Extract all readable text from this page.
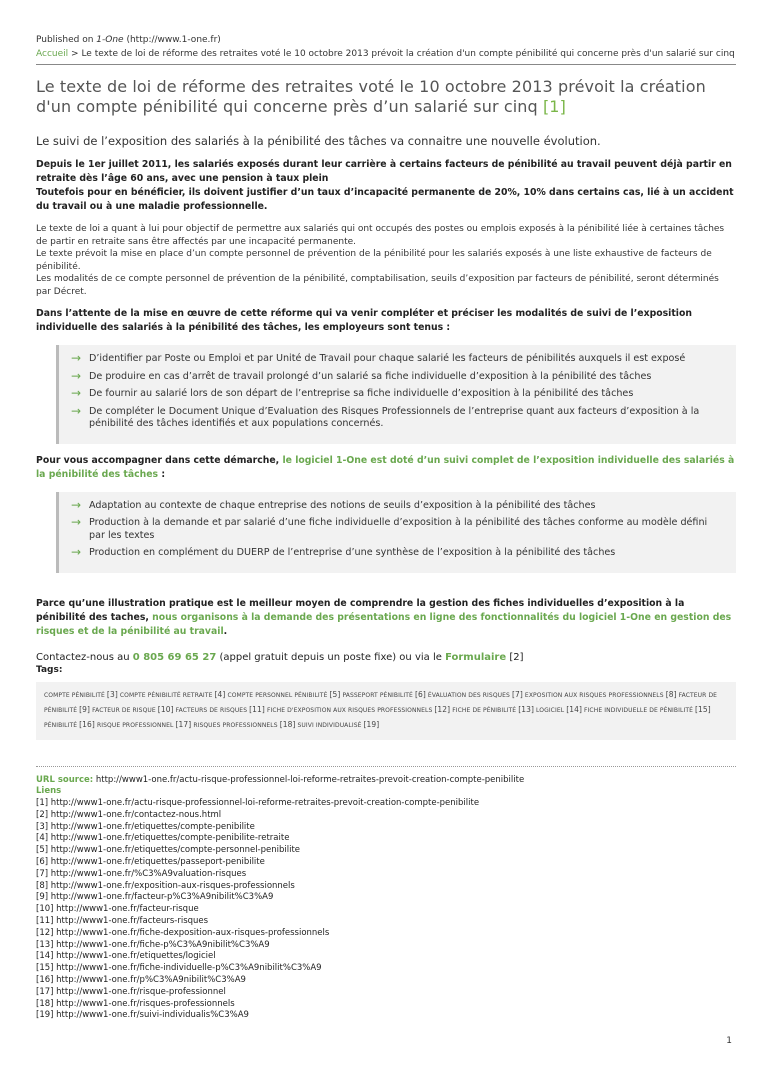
Published on 1-One (http://www.1-one.fr)
Accueil > Le texte de loi de réforme des retraites voté le 10 octobre 2013 prévoit la création d'un compte pénibilité qui concerne près d'un salarié sur cinq
Le texte de loi de réforme des retraites voté le 10 octobre 2013 prévoit la création d'un compte pénibilité qui concerne près d’un salarié sur cinq [1]

Le suivi de l’exposition des salariés à la pénibilité des tâches va connaitre une nouvelle évolution.

Depuis le 1er juillet 2011, les salariés exposés durant leur carrière à certains facteurs de pénibilité au travail peuvent déjà partir en retraite dès l’âge 60 ans, avec une pension à taux plein
Toutefois pour en bénéficier, ils doivent justifier d’un taux d’incapacité permanente de 20%, 10% dans certains cas, lié à un accident du travail ou à une maladie professionnelle.

Le texte de loi a quant à lui pour objectif de permettre aux salariés qui ont occupés des postes ou emplois exposés à la pénibilité liée à certaines tâches de partir en retraite sans être affectés par une incapacité permanente.
Le texte prévoit la mise en place d’un compte personnel de prévention de la pénibilité pour les salariés exposés à une liste exhaustive de facteurs de pénibilité.
Les modalités de ce compte personnel de prévention de la pénibilité, comptabilisation, seuils d’exposition par facteurs de pénibilité, seront déterminés par Décret.

Dans l’attente de la mise en œuvre de cette réforme qui va venir compléter et préciser les modalités de suivi de l’exposition individuelle des salariés à la pénibilité des tâches, les employeurs sont tenus :

→ D’identifier par Poste ou Emploi et par Unité de Travail pour chaque salarié les facteurs de pénibilités auxquels il est exposé
→ De produire en cas d’arrêt de travail prolongé d’un salarié sa fiche individuelle d’exposition à la pénibilité des tâches
→ De fournir au salarié lors de son départ de l’entreprise sa fiche individuelle d’exposition à la pénibilité des tâches
→ De compléter le Document Unique d’Evaluation des Risques Professionnels de l’entreprise quant aux facteurs d’exposition à la pénibilité des tâches identifiés et aux populations concernés.

Pour vous accompagner dans cette démarche, le logiciel 1-One est doté d’un suivi complet de l’exposition individuelle des salariés à la pénibilité des tâches :

→ Adaptation au contexte de chaque entreprise des notions de seuils d’exposition à la pénibilité des tâches
→ Production à la demande et par salarié d’une fiche individuelle d’exposition à la pénibilité des tâches conforme au modèle défini par les textes
→ Production en complément du DUERP de l’entreprise d’une synthèse de l’exposition à la pénibilité des tâches

Parce qu’une illustration pratique est le meilleur moyen de comprendre la gestion des fiches individuelles d’exposition à la pénibilité des taches, nous organisons à la demande des présentations en ligne des fonctionnalités du logiciel 1-One en gestion des risques et de la pénibilité au travail.

Contactez-nous au 0 805 69 65 27 (appel gratuit depuis un poste fixe) ou via le Formulaire [2]
Tags:
COMPTE PÉNIBILITÉ [3] COMPTE PÉNIBILITÉ RETRAITE [4] COMPTE PERSONNEL PÉNIBILITÉ [5] PASSEPORT PÉNIBILITÉ [6] ÉVALUATION DES RISQUES [7] EXPOSITION AUX RISQUES PROFESSIONNELS [8] FACTEUR DE PÉNIBILITÉ [9] FACTEUR DE RISQUE [10] FACTEURS DE RISQUES [11] FICHE D'EXPOSITION AUX RISQUES PROFESSIONNELS [12] FICHE DE PÉNIBILITÉ [13] LOGICIEL [14] FICHE INDIVIDUELLE DE PÉNIBILITÉ [15] PÉNIBILITÉ [16] RISQUE PROFESSIONNEL [17] RISQUES PROFESSIONNELS [18] SUIVI INDIVIDUALISÉ [19]
URL source: http://www1-one.fr/actu-risque-professionnel-loi-reforme-retraites-prevoit-creation-compte-penibilite
Liens
[1] http://www1-one.fr/actu-risque-professionnel-loi-reforme-retraites-prevoit-creation-compte-penibilite
[2] http://www1-one.fr/contactez-nous.html
[3] http://www1-one.fr/etiquettes/compte-penibilite
[4] http://www1-one.fr/etiquettes/compte-penibilite-retraite
[5] http://www1-one.fr/etiquettes/compte-personnel-penibilite
[6] http://www1-one.fr/etiquettes/passeport-penibilite
[7] http://www1-one.fr/%C3%A9valuation-risques
[8] http://www1-one.fr/exposition-aux-risques-professionnels
[9] http://www1-one.fr/facteur-p%C3%A9nibilit%C3%A9
[10] http://www1-one.fr/facteur-risque
[11] http://www1-one.fr/facteurs-risques
[12] http://www1-one.fr/fiche-dexposition-aux-risques-professionnels
[13] http://www1-one.fr/fiche-p%C3%A9nibilit%C3%A9
[14] http://www1-one.fr/etiquettes/logiciel
[15] http://www1-one.fr/fiche-individuelle-p%C3%A9nibilit%C3%A9
[16] http://www1-one.fr/p%C3%A9nibilit%C3%A9
[17] http://www1-one.fr/risque-professionnel
[18] http://www1-one.fr/risques-professionnels
[19] http://www1-one.fr/suivi-individualis%C3%A9
1
